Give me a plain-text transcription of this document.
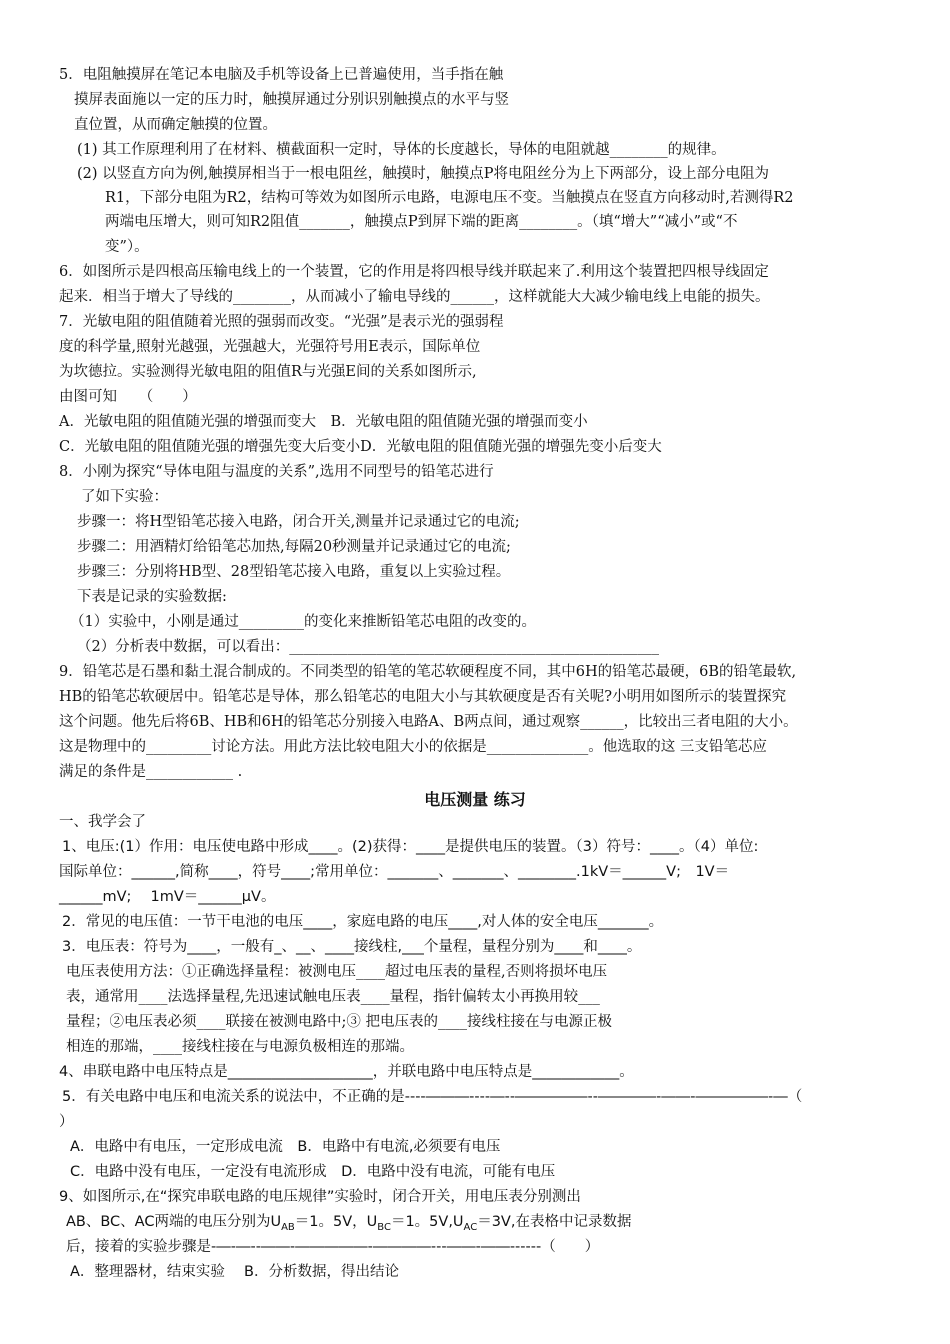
5．电阻触摸屏在笔记本电脑及手机等设备上已普遍使用，当手指在触
摸屏表面施以一定的压力时，触摸屏通过分别识别触摸点的水平与竖
直位置，从而确定触摸的位置。
(1) 其工作原理利用了在材料、横截面积一定时，导体的长度越长，导体的电阻就越________的规律。
(2) 以竖直方向为例,触摸屏相当于一根电阻丝，触摸时，触摸点P将电阻丝分为上下两部分，设上部分电阻为
R1，下部分电阻为R2，结构可等效为如图所示电路，电源电压不变。当触摸点在竖直方向移动时,若测得R2
两端电压增大，则可知R2阻值_______，触摸点P到屏下端的距离________。（填“增大”“减小”或“不
变”）。
6．如图所示是四根高压输电线上的一个装置，它的作用是将四根导线并联起来了.利用这个装置把四根导线固定
起来．相当于增大了导线的________，从而减小了输电导线的______，这样就能大大减少输电线上电能的损失。
7．光敏电阻的阻值随着光照的强弱而改变。“光强”是表示光的强弱程
度的科学量,照射光越强，光强越大，光强符号用E表示，国际单位
为坎德拉。实验测得光敏电阻的阻值R与光强E间的关系如图所示,
由图可知　　（　　）
A．光敏电阻的阻值随光强的增强而变大　B．光敏电阻的阻值随光强的增强而变小
C．光敏电阻的阻值随光强的增强先变大后变小D．光敏电阻的阻值随光强的增强先变小后变大
8．小刚为探究“导体电阻与温度的关系”,选用不同型号的铅笔芯进行
了如下实验：
步骤一：将H型铅笔芯接入电路，闭合开关,测量并记录通过它的电流;
步骤二：用酒精灯给铅笔芯加热,每隔20秒测量并记录通过它的电流;
步骤三：分别将HB型、28型铅笔芯接入电路，重复以上实验过程。
下表是记录的实验数据:
（1）实验中，小刚是通过_________的变化来推断铅笔芯电阻的改变的。
（2）分析表中数据，可以看出：___________________________________________________
9．铅笔芯是石墨和黏土混合制成的。不同类型的铅笔的笔芯软硬程度不同，其中6H的铅笔芯最硬，6B的铅笔最软,
HB的铅笔芯软硬居中。铅笔芯是导体，那么铅笔芯的电阻大小与其软硬度是否有关呢?小明用如图所示的装置探究
这个问题。他先后将6B、HB和6H的铅笔芯分别接入电路A、B两点间，通过观察______，比较出三者电阻的大小。
这是物理中的_________讨论方法。用此方法比较电阻大小的依据是______________。他选取的这 三支铅笔芯应
满足的条件是____________ .
电压测量 练习
一、我学会了
1、电压:(1）作用：电压使电路中形成____。(2)获得：____是提供电压的装置。（3）符号：____。（4）单位:
国际单位：______,简称____，符号____;常用单位：_______、_______、________.1kV＝______V;　1V＝
______mV;　 1mV＝______μV。
2．常见的电压值：一节干电池的电压____，家庭电路的电压____,对人体的安全电压_______。
3．电压表：符号为____，一般有_、__、____接线柱,___个量程，量程分别为____和____。
电压表使用方法：①正确选择量程：被测电压____超过电压表的量程,否则将损坏电压
表，通常用____法选择量程,先迅速试触电压表____量程，指针偏转太小再换用较___
量程；②电压表必须____联接在被测电路中;③ 把电压表的____接线柱接在与电源正极
相连的那端，____接线柱接在与电源负极相连的那端。
4、串联电路中电压特点是____________________，并联电路中电压特点是____________。
5．有关电路中电压和电流关系的说法中，不正确的是----―――----―--―――――--――――-――-―――――-―（
）
A．电路中有电压，一定形成电流　B．电路中有电流,必须要有电压
C．电路中没有电压，一定没有电流形成　D．电路中没有电流，可能有电压
9、如图所示,在“探究串联电路的电压规律”实验时，闭合开关，用电压表分别测出
AB、BC、AC两端的电压分别为$U_{AB}=1$。5V，$U_{BC}=1$。$5V,U_{AC}=3V$,在表格中记录数据
后，接着的实验步骤是-―-―--――-―――――-――――---――-――------（　　）
A．整理器材，结束实验　 B．分析数据，得出结论
